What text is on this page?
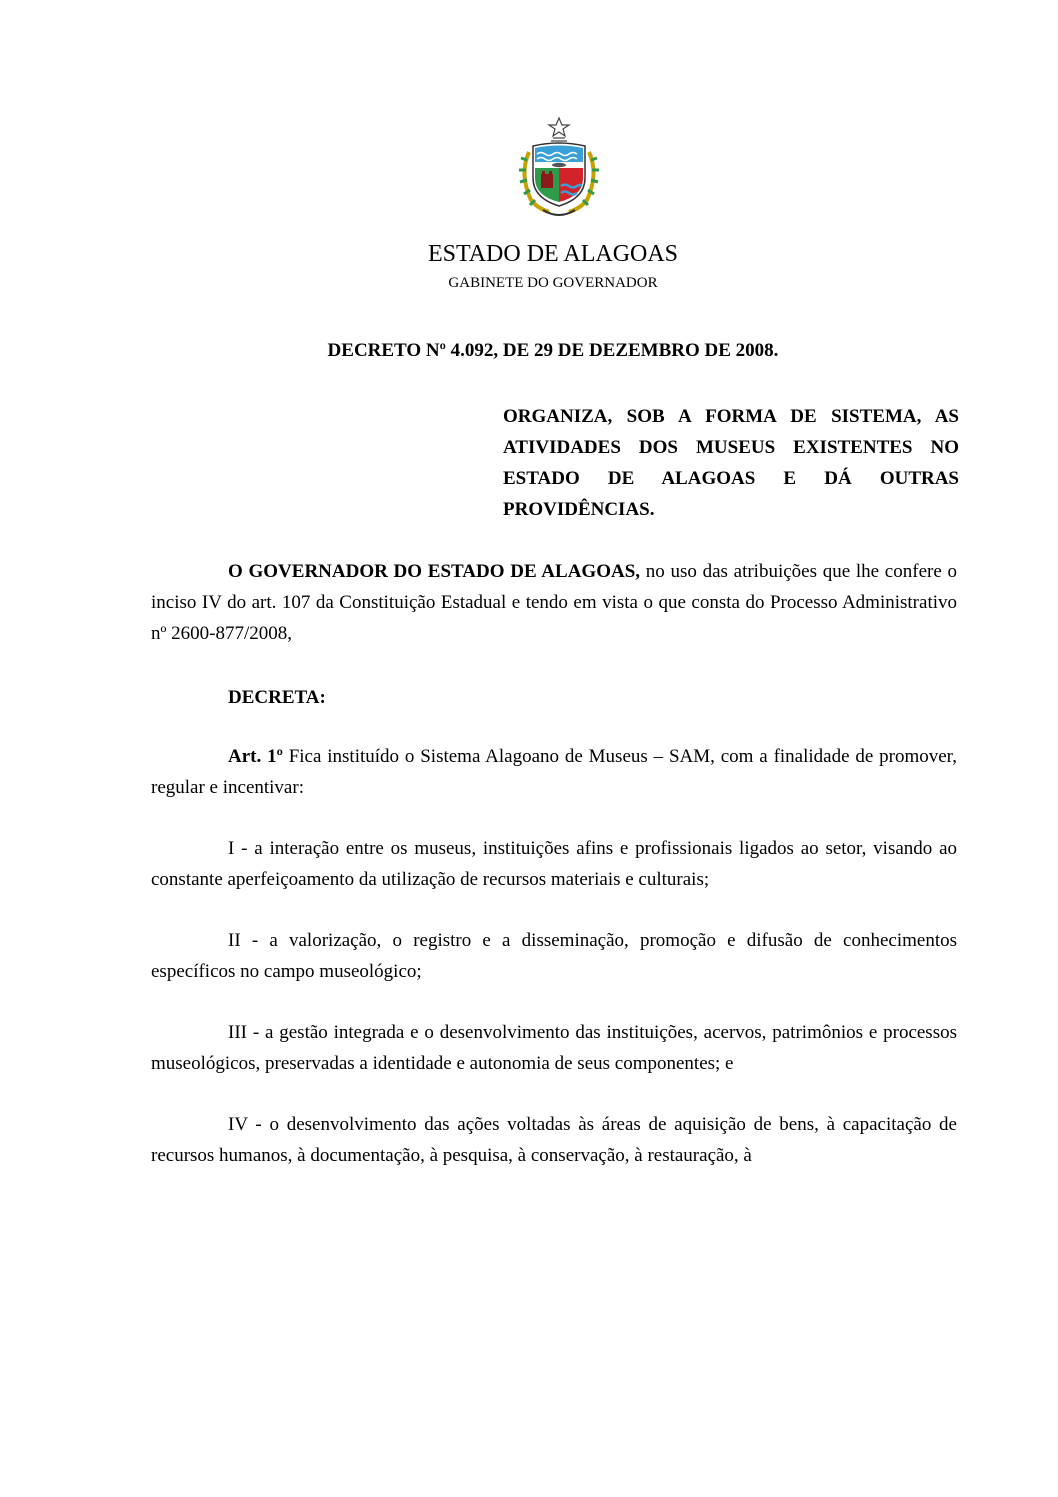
ESTADO DE ALAGOAS
GABINETE DO GOVERNADOR
DECRETO Nº 4.092, DE 29 DE DEZEMBRO DE 2008.
ORGANIZA, SOB A FORMA DE SISTEMA, AS ATIVIDADES DOS MUSEUS EXISTENTES NO ESTADO DE ALAGOAS E DÁ OUTRAS PROVIDÊNCIAS.

O GOVERNADOR DO ESTADO DE ALAGOAS, no uso das atribuições que lhe confere o inciso IV do art. 107 da Constituição Estadual e tendo em vista o que consta do Processo Administrativo nº 2600-877/2008,

DECRETA:

Art. 1º Fica instituído o Sistema Alagoano de Museus – SAM, com a finalidade de promover, regular e incentivar:

I - a interação entre os museus, instituições afins e profissionais ligados ao setor, visando ao constante aperfeiçoamento da utilização de recursos materiais e culturais;

II - a valorização, o registro e a disseminação, promoção e difusão de conhecimentos específicos no campo museológico;

III - a gestão integrada e o desenvolvimento das instituições, acervos, patrimônios e processos museológicos, preservadas a identidade e autonomia de seus componentes; e

IV - o desenvolvimento das ações voltadas às áreas de aquisição de bens, à capacitação de recursos humanos, à documentação, à pesquisa, à conservação, à restauração, à
